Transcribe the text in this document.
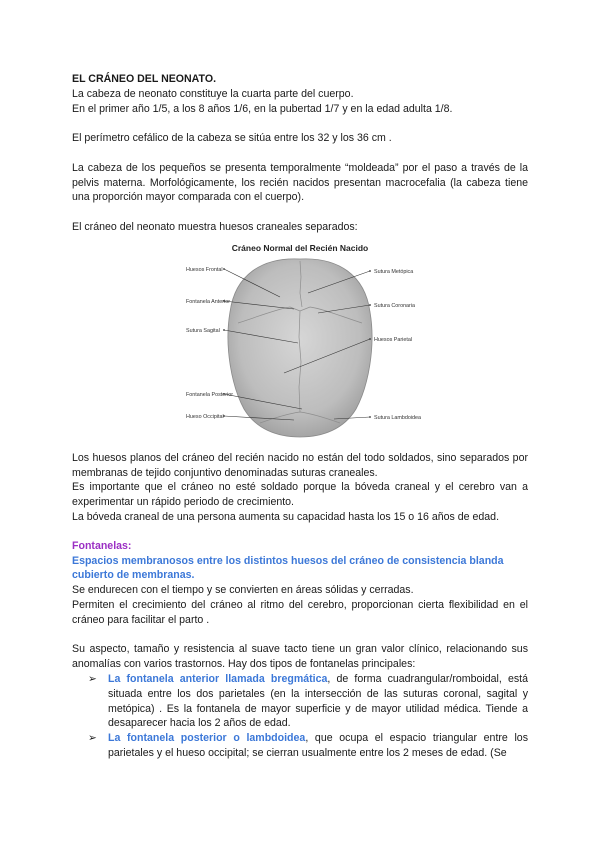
EL CRÁNEO DEL NEONATO.

La cabeza de neonato constituye la cuarta parte del cuerpo.

En el primer año 1/5, a los 8 años 1/6, en la pubertad 1/7 y en la edad adulta 1/8.

El perímetro cefálico de la cabeza se sitúa entre los 32 y los 36 cm .

La cabeza de los pequeños se presenta temporalmente “moldeada” por el paso a través de la pelvis materna. Morfológicamente, los recién nacidos presentan macrocefalia (la cabeza tiene una proporción mayor comparada con el cuerpo).

El cráneo del neonato muestra huesos craneales separados:

Cráneo Normal del Recién Nacido
Huesos Frontal
Fontanela Anterior
Sutura Sagital
Fontanela Posterior
Hueso Occipital
Sutura Metópica
Sutura Coronaria
Huesos Parietal
Sutura Lambdoidea

Los huesos planos del cráneo del recién nacido no están del todo soldados, sino separados por membranas de tejido conjuntivo denominadas suturas craneales.

Es importante que el cráneo no esté soldado porque la bóveda craneal y el cerebro van a experimentar un rápido periodo de crecimiento.

La bóveda craneal de una persona aumenta su capacidad hasta los 15 o 16 años de edad.

Fontanelas:

Espacios membranosos entre los distintos huesos del cráneo de consistencia blanda cubierto de membranas.

Se endurecen con el tiempo y se convierten en áreas sólidas y cerradas.

Permiten el crecimiento del cráneo al ritmo del cerebro, proporcionan cierta flexibilidad en el cráneo para facilitar el parto .

Su aspecto, tamaño y resistencia al suave tacto tiene un gran valor clínico, relacionando sus anomalías con varios trastornos. Hay dos tipos de fontanelas principales:

➢ La fontanela anterior llamada bregmática, de forma cuadrangular/romboidal, está situada entre los dos parietales (en la intersección de las suturas coronal, sagital y metópica) . Es la fontanela de mayor superficie y de mayor utilidad médica. Tiende a desaparecer hacia los 2 años de edad.
➢ La fontanela posterior o lambdoidea, que ocupa el espacio triangular entre los parietales y el hueso occipital; se cierran usualmente entre los 2 meses de edad. (Se
